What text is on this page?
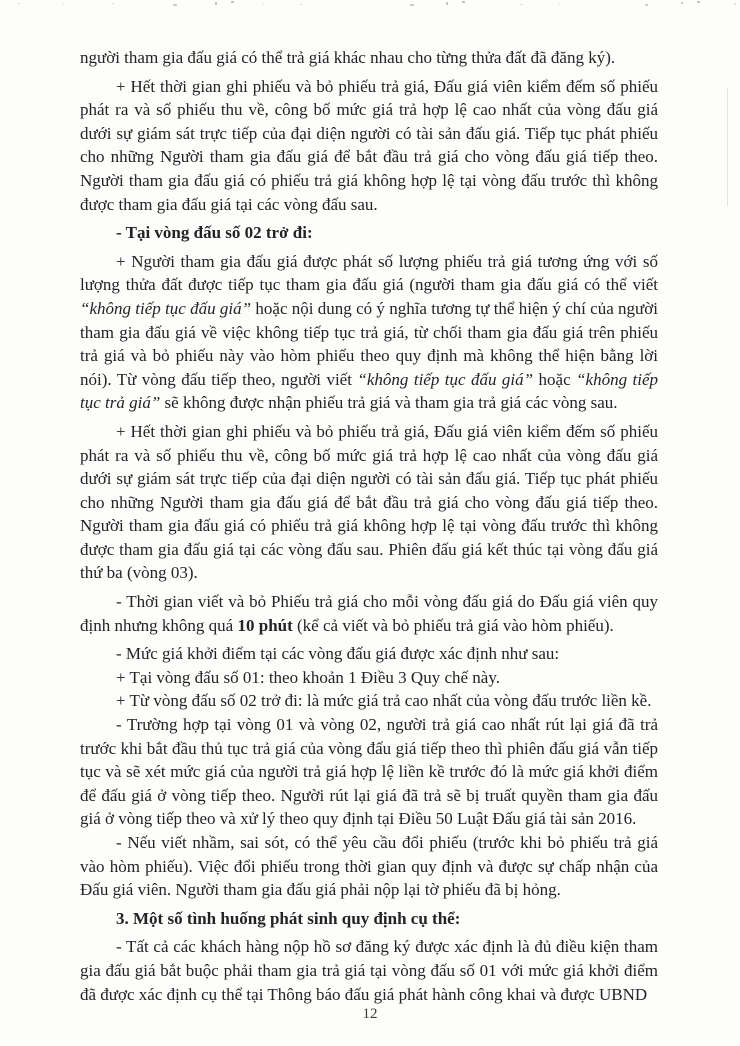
người tham gia đấu giá có thể trả giá khác nhau cho từng thửa đất đã đăng ký).

+ Hết thời gian ghi phiếu và bỏ phiếu trả giá, Đấu giá viên kiểm đếm số phiếu phát ra và số phiếu thu về, công bố mức giá trả hợp lệ cao nhất của vòng đấu giá dưới sự giám sát trực tiếp của đại diện người có tài sản đấu giá. Tiếp tục phát phiếu cho những Người tham gia đấu giá để bắt đầu trả giá cho vòng đấu giá tiếp theo. Người tham gia đấu giá có phiếu trả giá không hợp lệ tại vòng đấu trước thì không được tham gia đấu giá tại các vòng đấu sau.

- Tại vòng đấu số 02 trở đi:

+ Người tham gia đấu giá được phát số lượng phiếu trả giá tương ứng với số lượng thửa đất được tiếp tục tham gia đấu giá (người tham gia đấu giá có thể viết “không tiếp tục đấu giá” hoặc nội dung có ý nghĩa tương tự thể hiện ý chí của người tham gia đấu giá về việc không tiếp tục trả giá, từ chối tham gia đấu giá trên phiếu trả giá và bỏ phiếu này vào hòm phiếu theo quy định mà không thể hiện bằng lời nói). Từ vòng đấu tiếp theo, người viết “không tiếp tục đấu giá” hoặc “không tiếp tục trả giá” sẽ không được nhận phiếu trả giá và tham gia trả giá các vòng sau.

+ Hết thời gian ghi phiếu và bỏ phiếu trả giá, Đấu giá viên kiểm đếm số phiếu phát ra và số phiếu thu về, công bố mức giá trả hợp lệ cao nhất của vòng đấu giá dưới sự giám sát trực tiếp của đại diện người có tài sản đấu giá. Tiếp tục phát phiếu cho những Người tham gia đấu giá để bắt đầu trả giá cho vòng đấu giá tiếp theo. Người tham gia đấu giá có phiếu trả giá không hợp lệ tại vòng đấu trước thì không được tham gia đấu giá tại các vòng đấu sau. Phiên đấu giá kết thúc tại vòng đấu giá thứ ba (vòng 03).

- Thời gian viết và bỏ Phiếu trả giá cho mỗi vòng đấu giá do Đấu giá viên quy định nhưng không quá 10 phút (kể cả viết và bỏ phiếu trả giá vào hòm phiếu).

- Mức giá khởi điểm tại các vòng đấu giá được xác định như sau:

+ Tại vòng đấu số 01: theo khoản 1 Điều 3 Quy chế này.

+ Từ vòng đấu số 02 trở đi: là mức giá trả cao nhất của vòng đấu trước liền kề.

- Trường hợp tại vòng 01 và vòng 02, người trả giá cao nhất rút lại giá đã trả trước khi bắt đầu thủ tục trả giá của vòng đấu giá tiếp theo thì phiên đấu giá vẫn tiếp tục và sẽ xét mức giá của người trả giá hợp lệ liền kề trước đó là mức giá khởi điểm để đấu giá ở vòng tiếp theo. Người rút lại giá đã trả sẽ bị truất quyền tham gia đấu giá ở vòng tiếp theo và xử lý theo quy định tại Điều 50 Luật Đấu giá tài sản 2016.

- Nếu viết nhầm, sai sót, có thể yêu cầu đổi phiếu (trước khi bỏ phiếu trả giá vào hòm phiếu). Việc đổi phiếu trong thời gian quy định và được sự chấp nhận của Đấu giá viên. Người tham gia đấu giá phải nộp lại tờ phiếu đã bị hỏng.

3. Một số tình huống phát sinh quy định cụ thể:

- Tất cả các khách hàng nộp hồ sơ đăng ký được xác định là đủ điều kiện tham gia đấu giá bắt buộc phải tham gia trả giá tại vòng đấu số 01 với mức giá khởi điểm đã được xác định cụ thể tại Thông báo đấu giá phát hành công khai và được UBND

12
